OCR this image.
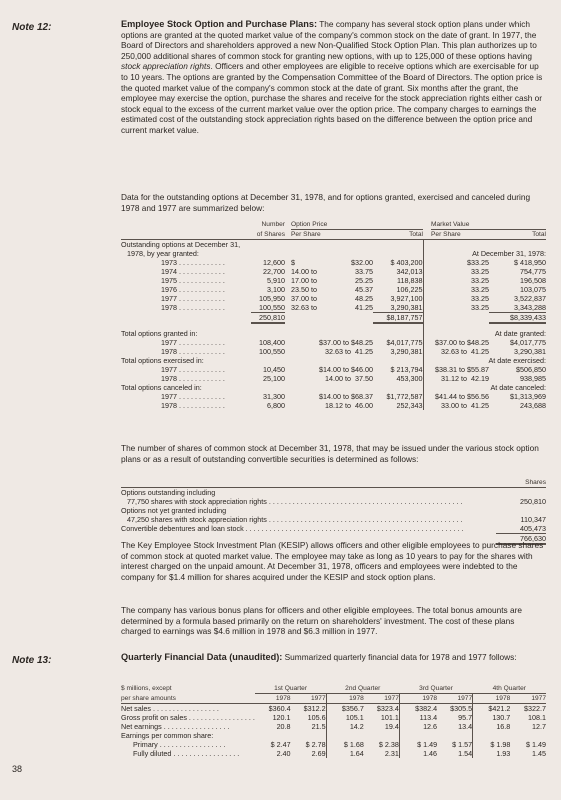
Note 12:	Employee Stock Option and Purchase Plans: The company has several stock option plans under which options are granted at the quoted market value of the company's common stock on the date of grant. In 1977, the Board of Directors and shareholders approved a new Non-Qualified Stock Option Plan. This plan authorizes up to 250,000 additional shares of common stock for granting new options, with up to 125,000 of these options having stock appreciation rights. Officers and other employees are eligible to receive options which are exercisable for up to 10 years. The options are granted by the Compensation Committee of the Board of Directors. The option price is the quoted market value of the company's common stock at the date of grant. Six months after the grant, the employee may exercise the option, purchase the shares and receive for the stock appreciation rights either cash or stock equal to the excess of the current market value over the option price. The company charges to earnings the estimated cost of the outstanding stock appreciation rights based on the difference between the option price and current market value.

Data for the outstanding options at December 31, 1978, and for options granted, exercised and canceled during 1978 and 1977 are summarized below:

	Number		Option Price				Market Value	
	of Shares		Per Share		Total		Per Share	Total
Outstanding options at December 31,								
1978, by year granted:							At December 31, 1978:	
1973 . . . . . . . . . . . .	12,600		$	$32.00	$ 403,200		$33.25	$ 418,950
1974 . . . . . . . . . . . .	22,700		14.00 to	33.75	342,013		33.25	754,775
1975 . . . . . . . . . . . .	5,910		17.00 to	25.25	118,838		33.25	196,508
1976 . . . . . . . . . . . .	3,100		23.50 to	45.37	106,225		33.25	103,075
1977 . . . . . . . . . . . .	105,950		37.00 to	48.25	3,927,100		33.25	3,522,837
1978 . . . . . . . . . . . .	100,550		32.63 to	41.25	3,290,381		33.25	3,343,288
	250,810				$8,187,757			$8,339,433

Total options granted in:							At date granted:	
1977 . . . . . . . . . . . .	108,400		$37.00 to $48.25		$4,017,775		$37.00 to $48.25	$4,017,775
1978 . . . . . . . . . . . .	100,550		32.63 to  41.25		3,290,381		32.63 to  41.25	3,290,381
Total options exercised in:							At date exercised:	
1977 . . . . . . . . . . . .	10,450		$14.00 to $46.00		$ 213,794		$38.31 to $55.87	$506,850
1978 . . . . . . . . . . . .	25,100		14.00 to  37.50		453,300		31.12 to  42.19	938,985
Total options canceled in:							At date canceled:	
1977 . . . . . . . . . . . .	31,300		$14.00 to $68.37		$1,772,587		$41.44 to $56.56	$1,313,969
1978 . . . . . . . . . . . .	6,800		18.12 to  46.00		252,343		33.00 to  41.25	243,688

The number of shares of common stock at December 31, 1978, that may be issued under the various stock option plans or as a result of outstanding convertible securities is determined as follows:

	Shares
Options outstanding including	
77,750 shares with stock appreciation rights . . . . . . . . . . . . . . . . . . . . . . . . . . . . . . . . . . . . . . . . . . . . . . . . .	250,810
Options not yet granted including	
47,250 shares with stock appreciation rights . . . . . . . . . . . . . . . . . . . . . . . . . . . . . . . . . . . . . . . . . . . . . . . . .	110,347
Convertible debentures and loan stock . . . . . . . . . . . . . . . . . . . . . . . . . . . . . . . . . . . . . . . . . . . . . . . . . . . . . . .	405,473
	766,630

The Key Employee Stock Investment Plan (KESIP) allows officers and other eligible employees to purchase shares of common stock at quoted market value. The employee may take as long as 10 years to pay for the shares with interest charged on the unpaid amount. At December 31, 1978, officers and employees were indebted to the company for $1.4 million for shares acquired under the KESIP and stock option plans.

The company has various bonus plans for officers and other eligible employees. The total bonus amounts are determined by a formula based primarily on the return on shareholders' investment. The cost of these plans charged to earnings was $4.6 million in 1978 and $6.3 million in 1977.

Note 13:	Quarterly Financial Data (unaudited): Summarized quarterly financial data for 1978 and 1977 follows:

$ millions, except	1st Quarter		2nd Quarter		3rd Quarter		4th Quarter	
per share amounts	1978	1977	1978	1977	1978	1977	1978	1977
Net sales . . . . . . . . . . . . . . . . .	$360.4	$312.2	$356.7	$323.4	$382.4	$305.5	$421.2	$322.7
Gross profit on sales . . . . . . . . . . . . . . . . .	120.1	105.6	105.1	101.1	113.4	95.7	130.7	108.1
Net earnings . . . . . . . . . . . . . . . . .	20.8	21.5	14.2	19.4	12.6	13.4	16.8	12.7
Earnings per common share:								
Primary . . . . . . . . . . . . . . . . .	$ 2.47	$ 2.78	$ 1.68	$ 2.38	$ 1.49	$ 1.57	$ 1.98	$ 1.49
Fully diluted . . . . . . . . . . . . . . . . .	2.40	2.69	1.64	2.31	1.46	1.54	1.93	1.45
38
